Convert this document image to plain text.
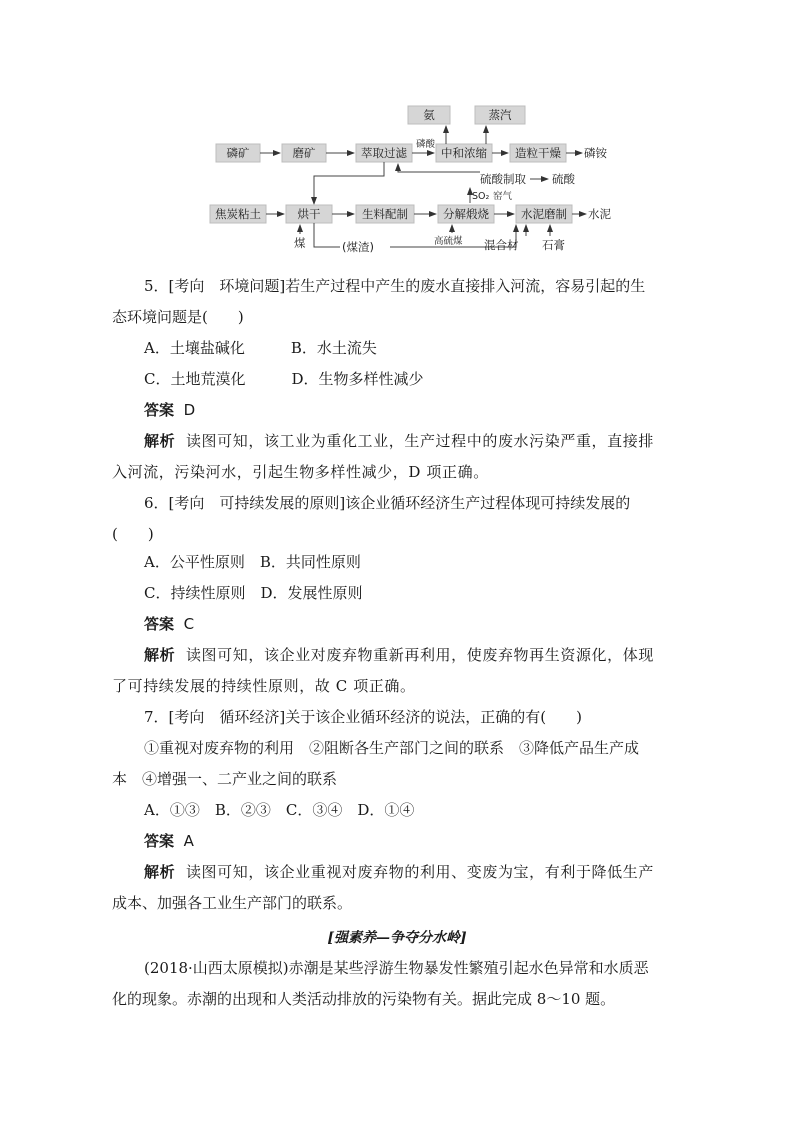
氨	蒸汽
磷矿	磨矿	萃取过滤	中和浓缩 造粒干燥 磷铵
磷酸
硫酸制取 硫酸
SO₂ 窑气
焦炭粘土	烘干	生料配制	分解煅烧	水泥磨制 水泥
煤	(煤渣)	高硫煤 混合材 石膏
5．[考向　环境问题]若生产过程中产生的废水直接排入河流，容易引起的生
态环境问题是(　　)
A．土壤盐碱化	B．水土流失
C．土地荒漠化	D．生物多样性减少
答案 D
解析 读图可知，该工业为重化工业，生产过程中的废水污染严重，直接排
入河流，污染河水，引起生物多样性减少，D 项正确。
6．[考向　可持续发展的原则]该企业循环经济生产过程体现可持续发展的
(　　)
A．公平性原则　B．共同性原则
C．持续性原则　D．发展性原则
答案 C
解析 读图可知，该企业对废弃物重新再利用，使废弃物再生资源化，体现
了可持续发展的持续性原则，故 C 项正确。
7．[考向　循环经济]关于该企业循环经济的说法，正确的有(　　)
①重视对废弃物的利用　②阻断各生产部门之间的联系　③降低产品生产成
本　④增强一、二产业之间的联系
A．①③　B．②③　C．③④　D．①④
答案 A
解析 读图可知，该企业重视对废弃物的利用、变废为宝，有利于降低生产
成本、加强各工业生产部门的联系。
[强素养—争夺分水岭]
(2018·山西太原模拟)赤潮是某些浮游生物暴发性繁殖引起水色异常和水质恶
化的现象。赤潮的出现和人类活动排放的污染物有关。据此完成 8～10 题。
